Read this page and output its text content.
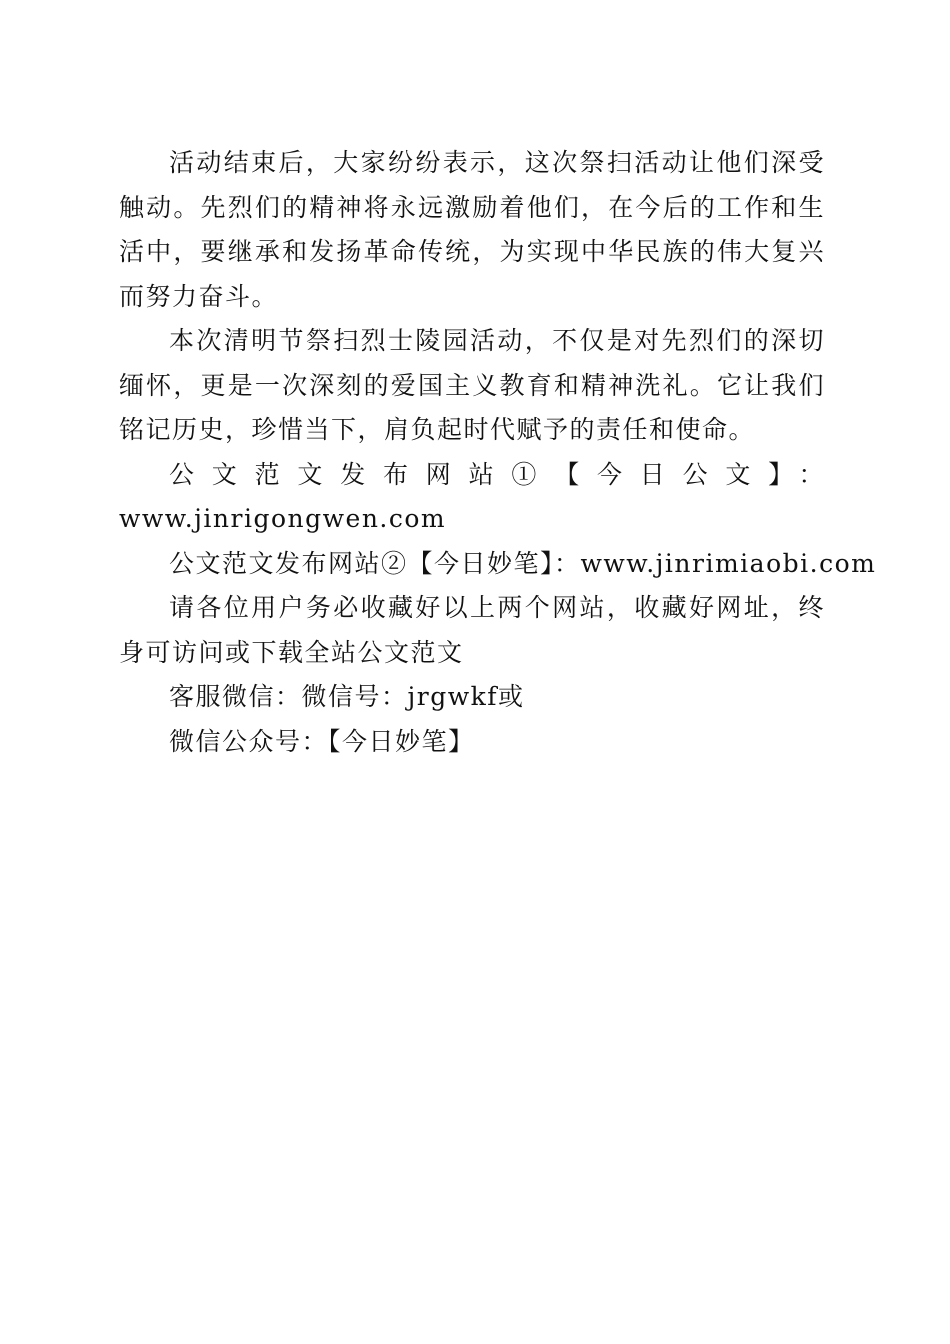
活动结束后，大家纷纷表示，这次祭扫活动让他们深受触动。先烈们的精神将永远激励着他们，在今后的工作和生活中，要继承和发扬革命传统，为实现中华民族的伟大复兴而努力奋斗。

本次清明节祭扫烈士陵园活动，不仅是对先烈们的深切缅怀，更是一次深刻的爱国主义教育和精神洗礼。它让我们铭记历史，珍惜当下，肩负起时代赋予的责任和使命。

公文范文发布网站①【今日公文】：

www.jinrigongwen.com

公文范文发布网站②【今日妙笔】：www.jinrimiaobi.com

请各位用户务必收藏好以上两个网站，收藏好网址，终身可访问或下载全站公文范文

客服微信：微信号：jrgwkf或

微信公众号：【今日妙笔】
